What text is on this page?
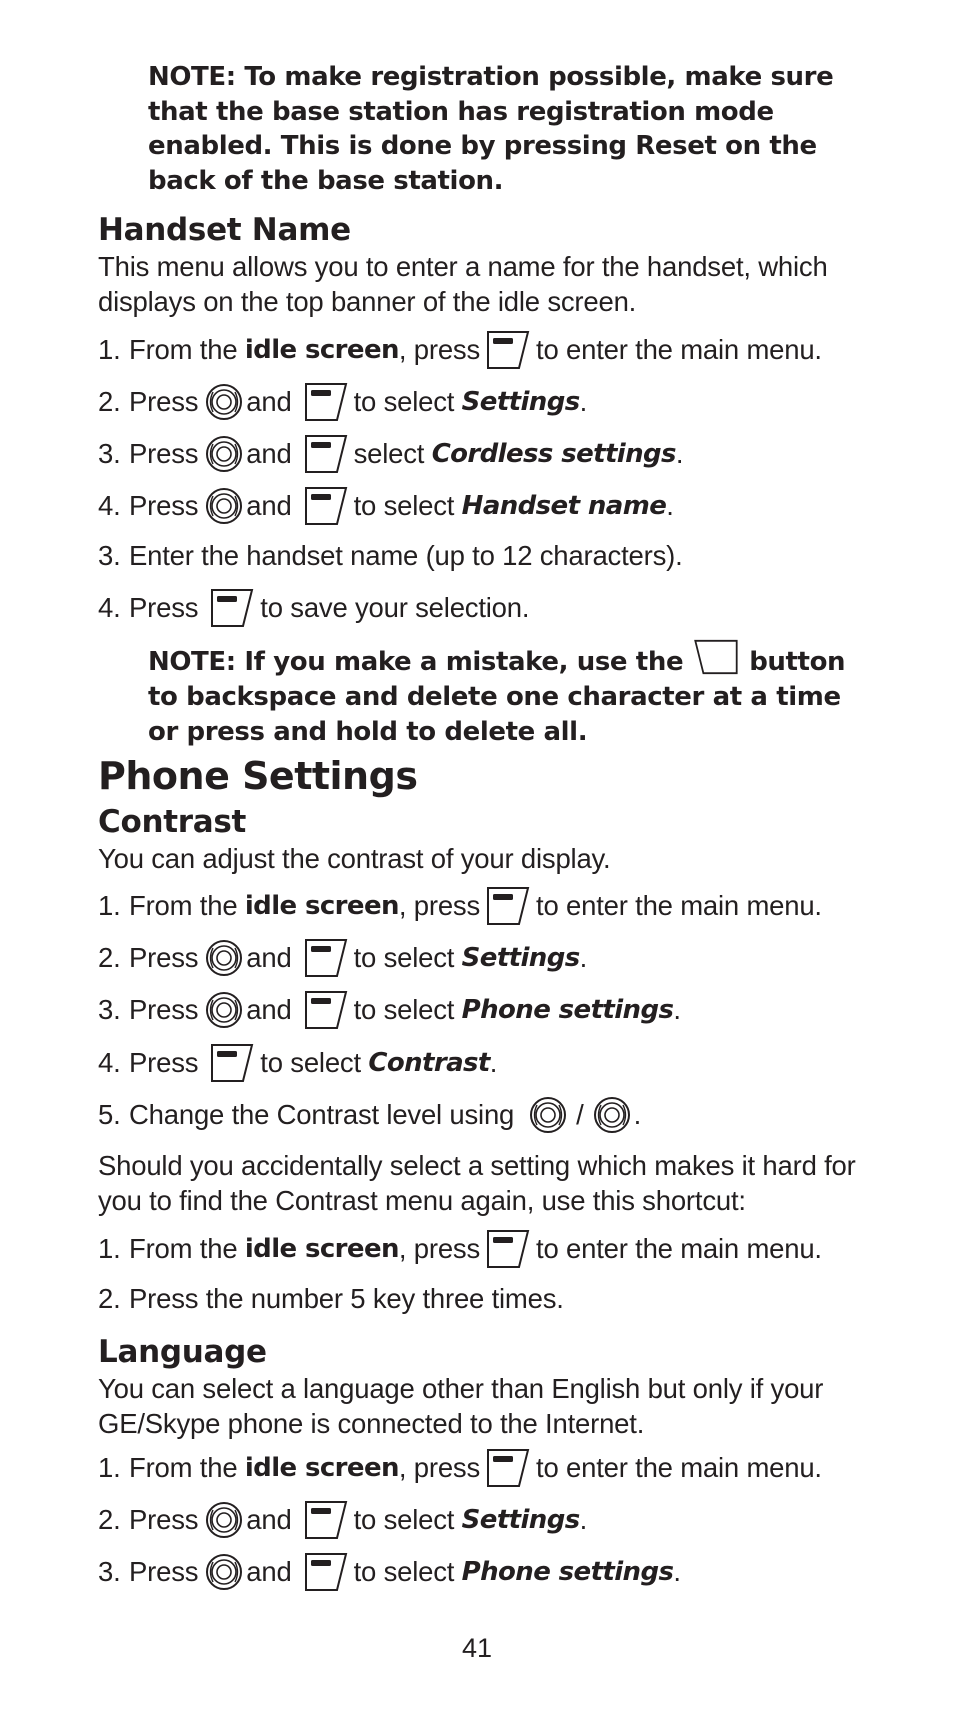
NOTE: To make registration possible, make sure that the base station has registration mode enabled. This is done by pressing Reset on the back of the base station.
Handset Name
This menu allows you to enter a name for the handset, which displays on the top banner of the idle screen.
1. From the idle screen , press to enter the main menu.
2. Press and to select Settings .
3. Press and select Cordless settings .
4. Press and to select Handset name .
3. Enter the handset name (up to 12 characters).
4. Press to save your selection.
NOTE: If you make a mistake, use the	button
to backspace and delete one character at a time or press and hold to delete all.
Phone Settings
Contrast
You can adjust the contrast of your display.
1. From the idle screen , press to enter the main menu.
2. Press and to select Settings .
3. Press and to select Phone settings .
4. Press to select Contrast .
5. Change the Contrast level using / .
Should you accidentally select a setting which makes it hard for you to find the Contrast menu again, use this shortcut:
1. From the idle screen , press to enter the main menu.
2. Press the number 5 key three times.
Language
You can select a language other than English but only if your GE/Skype phone is connected to the Internet.
1. From the idle screen , press to enter the main menu.
2. Press and to select Settings .
3. Press and to select Phone settings .
41
